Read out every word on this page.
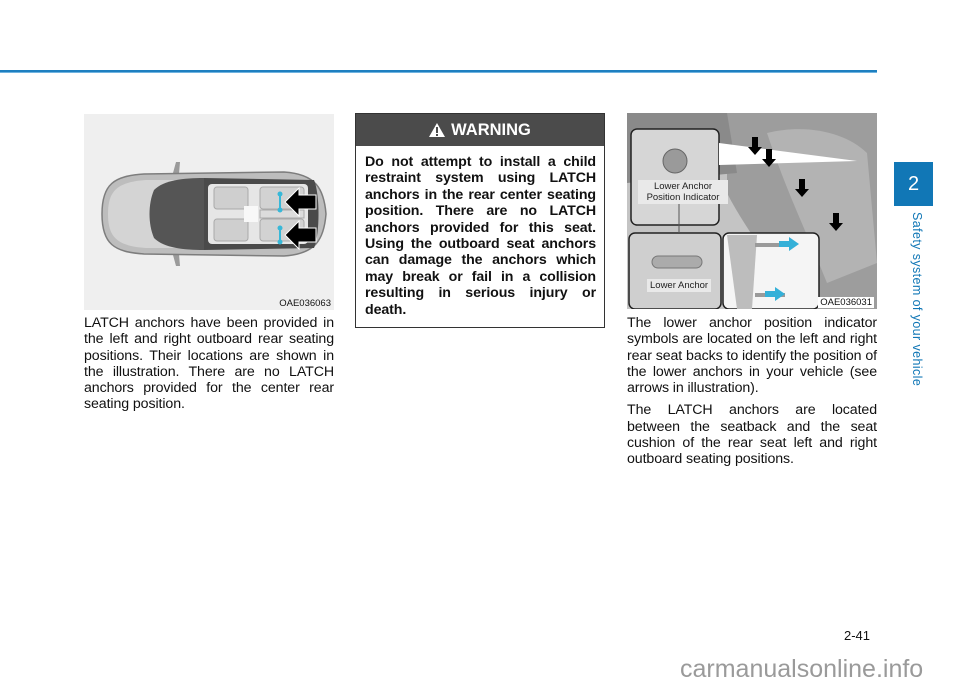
OAE036063

LATCH anchors have been provided in the left and right outboard rear seating positions. Their locations are shown in the illustration. There are no LATCH anchors provided for the center rear seating position.

WARNING
Do not attempt to install a child restraint system using LATCH anchors in the rear center seating position. There are no LATCH anchors provided for this seat. Using the outboard seat anchors can damage the anchors which may break or fail in a collision resulting in serious injury or death.
Lower Anchor Position Indicator
Lower Anchor
OAE036031

The lower anchor position indicator symbols are located on the left and right rear seat backs to identify the position of the lower anchors in your vehicle (see arrows in illustration).

The LATCH anchors are located between the seatback and the seat cushion of the rear seat left and right outboard seating positions.

2
Safety system of your vehicle
2-41
carmanualsonline.info
